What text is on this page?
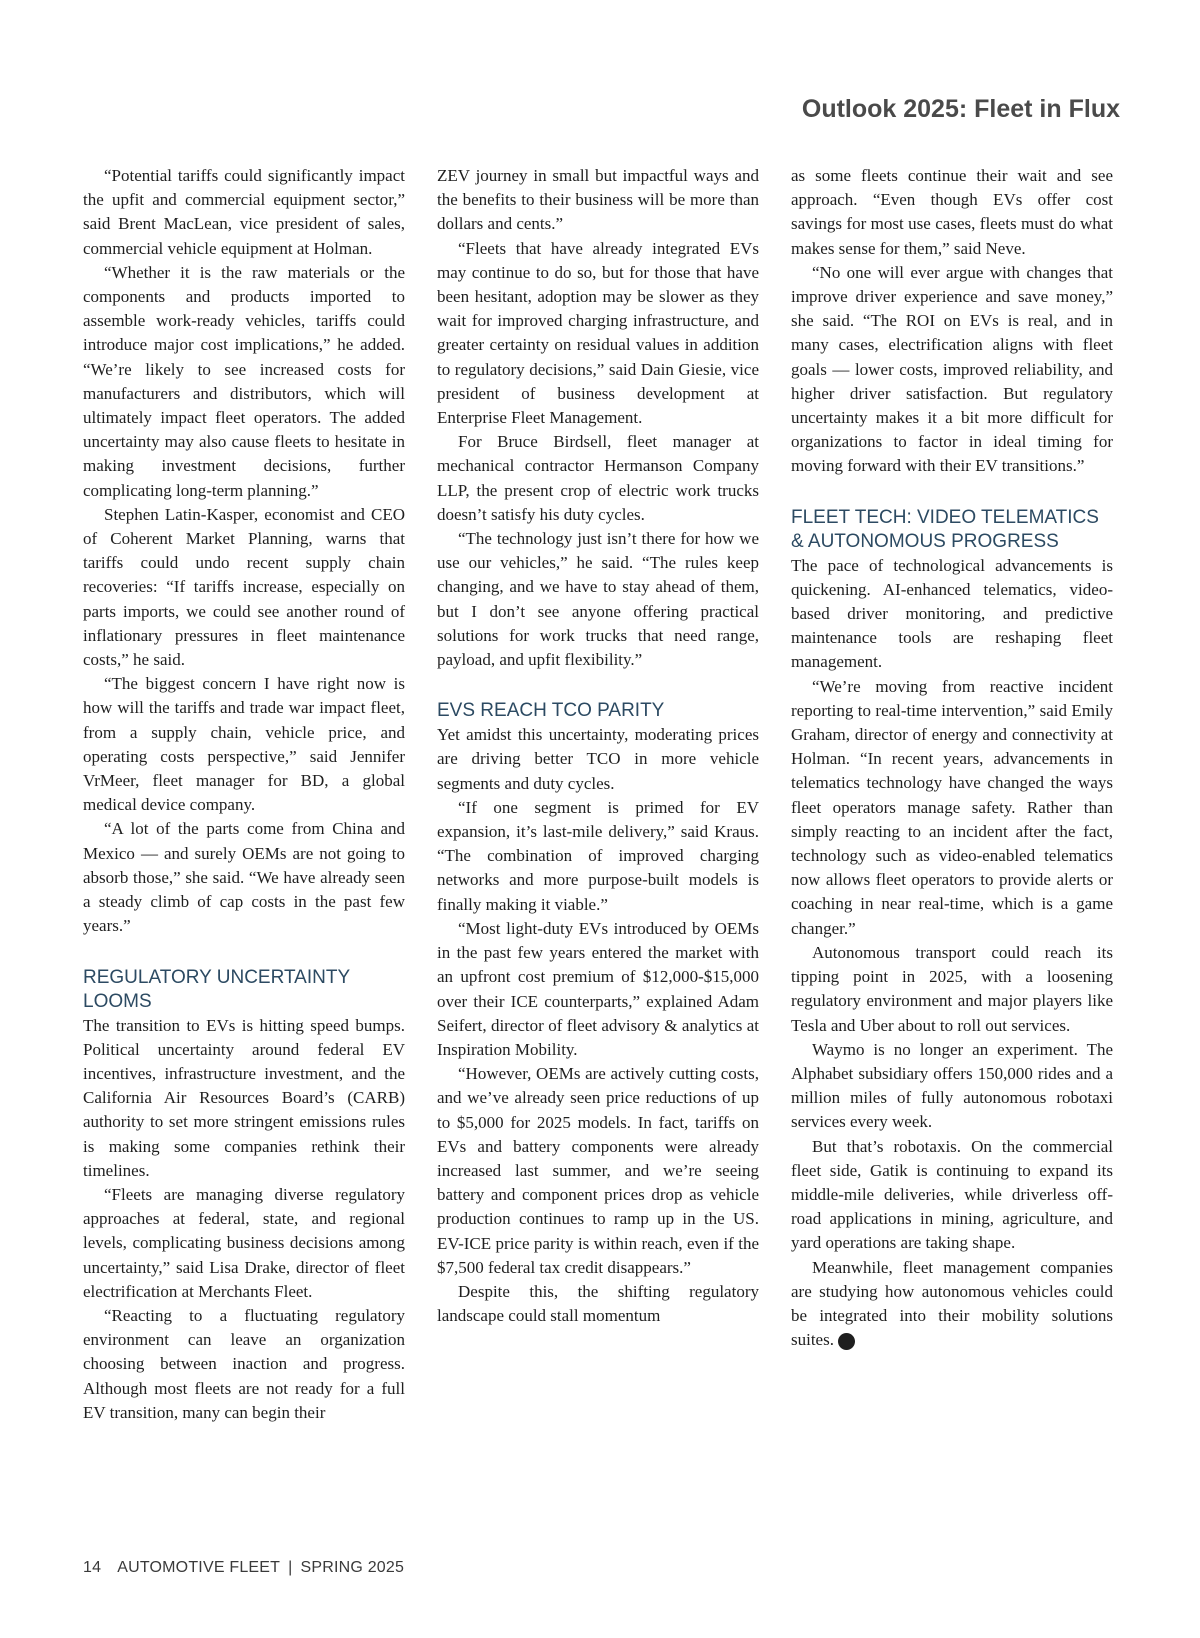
Outlook 2025: Fleet in Flux

“Potential tariffs could significantly impact the upfit and commercial equipment sector,” said Brent MacLean, vice president of sales, commercial vehicle equipment at Holman.

“Whether it is the raw materials or the components and products imported to assemble work-ready vehicles, tariffs could introduce major cost implications,” he added. “We’re likely to see increased costs for manufacturers and distributors, which will ultimately impact fleet operators. The added uncertainty may also cause fleets to hesitate in making investment decisions, further complicating long-term planning.”

Stephen Latin-Kasper, economist and CEO of Coherent Market Planning, warns that tariffs could undo recent supply chain recoveries: “If tariffs increase, especially on parts imports, we could see another round of inflationary pressures in fleet maintenance costs,” he said.

“The biggest concern I have right now is how will the tariffs and trade war impact fleet, from a supply chain, vehicle price, and operating costs perspective,” said Jennifer VrMeer, fleet manager for BD, a global medical device company.

“A lot of the parts come from China and Mexico — and surely OEMs are not going to absorb those,” she said. “We have already seen a steady climb of cap costs in the past few years.”

REGULATORY UNCERTAINTY LOOMS

The transition to EVs is hitting speed bumps. Political uncertainty around federal EV incentives, infrastructure investment, and the California Air Resources Board’s (CARB) authority to set more stringent emissions rules is making some companies rethink their timelines.

“Fleets are managing diverse regulatory approaches at federal, state, and regional levels, complicating business decisions among uncertainty,” said Lisa Drake, director of fleet electrification at Merchants Fleet.

“Reacting to a fluctuating regulatory environment can leave an organization choosing between inaction and progress. Although most fleets are not ready for a full EV transition, many can begin their

ZEV journey in small but impactful ways and the benefits to their business will be more than dollars and cents.”

“Fleets that have already integrated EVs may continue to do so, but for those that have been hesitant, adoption may be slower as they wait for improved charging infrastructure, and greater certainty on residual values in addition to regulatory decisions,” said Dain Giesie, vice president of business development at Enterprise Fleet Management.

For Bruce Birdsell, fleet manager at mechanical contractor Hermanson Company LLP, the present crop of electric work trucks doesn’t satisfy his duty cycles.

“The technology just isn’t there for how we use our vehicles,” he said. “The rules keep changing, and we have to stay ahead of them, but I don’t see anyone offering practical solutions for work trucks that need range, payload, and upfit flexibility.”

EVS REACH TCO PARITY

Yet amidst this uncertainty, moderating prices are driving better TCO in more vehicle segments and duty cycles.

“If one segment is primed for EV expansion, it’s last-mile delivery,” said Kraus. “The combination of improved charging networks and more purpose-built models is finally making it viable.”

“Most light-duty EVs introduced by OEMs in the past few years entered the market with an upfront cost premium of $12,000-$15,000 over their ICE counterparts,” explained Adam Seifert, director of fleet advisory & analytics at Inspiration Mobility.

“However, OEMs are actively cutting costs, and we’ve already seen price reductions of up to $5,000 for 2025 models. In fact, tariffs on EVs and battery components were already increased last summer, and we’re seeing battery and component prices drop as vehicle production continues to ramp up in the US. EV-ICE price parity is within reach, even if the $7,500 federal tax credit disappears.”

Despite this, the shifting regulatory landscape could stall momentum

as some fleets continue their wait and see approach. “Even though EVs offer cost savings for most use cases, fleets must do what makes sense for them,” said Neve.

“No one will ever argue with changes that improve driver experience and save money,” she said. “The ROI on EVs is real, and in many cases, electrification aligns with fleet goals — lower costs, improved reliability, and higher driver satisfaction. But regulatory uncertainty makes it a bit more difficult for organizations to factor in ideal timing for moving forward with their EV transitions.”

FLEET TECH: VIDEO TELEMATICS & AUTONOMOUS PROGRESS

The pace of technological advancements is quickening. AI-enhanced telematics, video-based driver monitoring, and predictive maintenance tools are reshaping fleet management.

“We’re moving from reactive incident reporting to real-time intervention,” said Emily Graham, director of energy and connectivity at Holman. “In recent years, advancements in telematics technology have changed the ways fleet operators manage safety. Rather than simply reacting to an incident after the fact, technology such as video-enabled telematics now allows fleet operators to provide alerts or coaching in near real-time, which is a game changer.”

Autonomous transport could reach its tipping point in 2025, with a loosening regulatory environment and major players like Tesla and Uber about to roll out services.

Waymo is no longer an experiment. The Alphabet subsidiary offers 150,000 rides and a million miles of fully autonomous robotaxi services every week.

But that’s robotaxis. On the commercial fleet side, Gatik is continuing to expand its middle-mile deliveries, while driverless off-road applications in mining, agriculture, and yard operations are taking shape.

Meanwhile, fleet management companies are studying how autonomous vehicles could be integrated into their mobility solutions suites.	AF

14 AUTOMOTIVE FLEET | SPRING 2025
